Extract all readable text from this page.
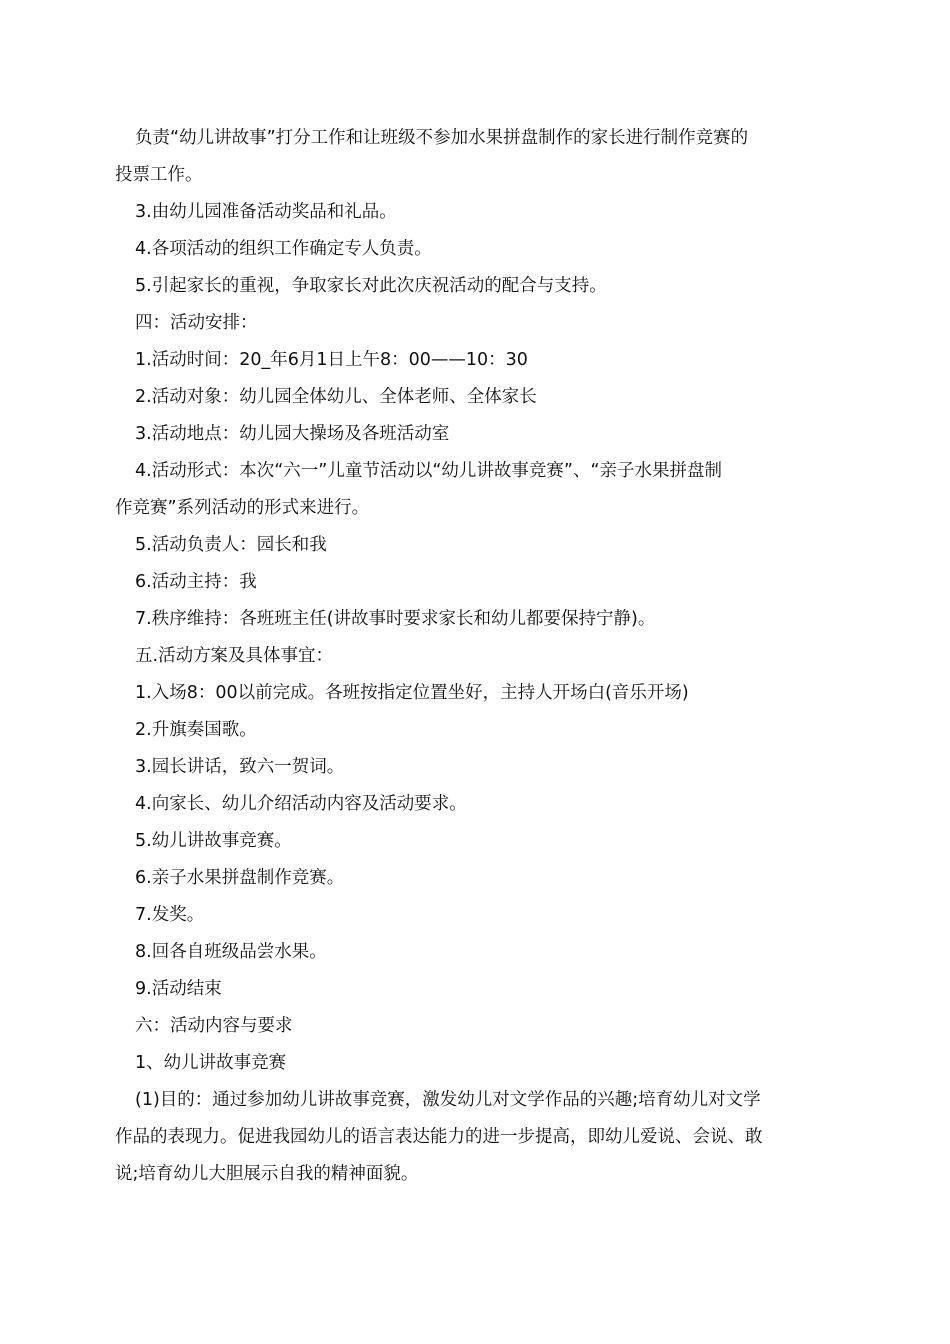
负责“幼儿讲故事”打分工作和让班级不参加水果拼盘制作的家长进行制作竞赛的
投票工作。
3.由幼儿园准备活动奖品和礼品。
4.各项活动的组织工作确定专人负责。
5.引起家长的重视，争取家长对此次庆祝活动的配合与支持。
四：活动安排：
1.活动时间：20_年6月1日上午8：00——10：30
2.活动对象：幼儿园全体幼儿、全体老师、全体家长
3.活动地点：幼儿园大操场及各班活动室
4.活动形式：本次“六一”儿童节活动以“幼儿讲故事竞赛”、“亲子水果拼盘制
作竞赛”系列活动的形式来进行。
5.活动负责人：园长和我
6.活动主持：我
7.秩序维持：各班班主任(讲故事时要求家长和幼儿都要保持宁静)。
五.活动方案及具体事宜：
1.入场8：00以前完成。各班按指定位置坐好，主持人开场白(音乐开场)
2.升旗奏国歌。
3.园长讲话，致六一贺词。
4.向家长、幼儿介绍活动内容及活动要求。
5.幼儿讲故事竞赛。
6.亲子水果拼盘制作竞赛。
7.发奖。
8.回各自班级品尝水果。
9.活动结束
六：活动内容与要求
1、幼儿讲故事竞赛
(1)目的：通过参加幼儿讲故事竞赛，激发幼儿对文学作品的兴趣;培育幼儿对文学
作品的表现力。促进我园幼儿的语言表达能力的进一步提高，即幼儿爱说、会说、敢
说;培育幼儿大胆展示自我的精神面貌。
